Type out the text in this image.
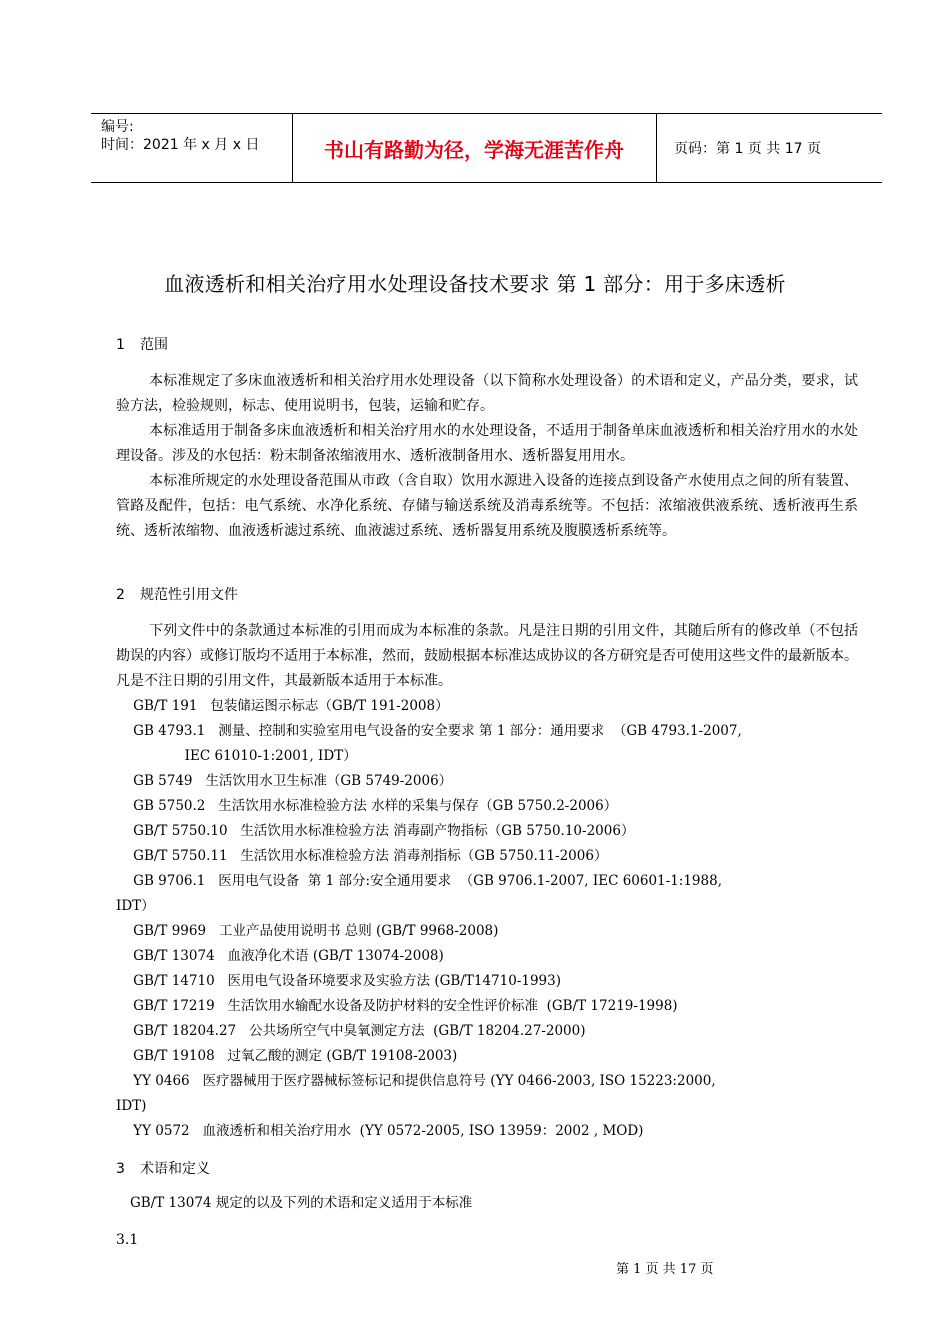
编号:
时间：2021 年 x 月 x 日	书山有路勤为径，学海无涯苦作舟	页码：第 1 页 共 17 页
血液透析和相关治疗用水处理设备技术要求 第 1 部分：用于多床透析
1 范围

本标准规定了多床血液透析和相关治疗用水处理设备（以下简称水处理设备）的术语和定义，产品分类，要求，试验方法，检验规则，标志、使用说明书，包装，运输和贮存。

本标准适用于制备多床血液透析和相关治疗用水的水处理设备，不适用于制备单床血液透析和相关治疗用水的水处理设备。涉及的水包括：粉末制备浓缩液用水、透析液制备用水、透析器复用用水。

本标准所规定的水处理设备范围从市政（含自取）饮用水源进入设备的连接点到设备产水使用点之间的所有装置、管路及配件，包括：电气系统、水净化系统、存储与输送系统及消毒系统等。不包括：浓缩液供液系统、透析液再生系统、透析浓缩物、血液透析滤过系统、血液滤过系统、透析器复用系统及腹膜透析系统等。

2 规范性引用文件

下列文件中的条款通过本标准的引用而成为本标准的条款。凡是注日期的引用文件，其随后所有的修改单（不包括勘误的内容）或修订版均不适用于本标准，然而，鼓励根据本标准达成协议的各方研究是否可使用这些文件的最新版本。凡是不注日期的引用文件，其最新版本适用于本标准。

GB/T 191   包装储运图示标志（GB/T 191-2008）

GB 4793.1   测量、控制和实验室用电气设备的安全要求 第 1 部分：通用要求  （GB 4793.1-2007,

IEC 61010-1:2001, IDT）

GB 5749   生活饮用水卫生标准（GB 5749-2006）

GB 5750.2   生活饮用水标准检验方法 水样的采集与保存（GB 5750.2-2006）

GB/T 5750.10   生活饮用水标准检验方法 消毒副产物指标（GB 5750.10-2006）

GB/T 5750.11   生活饮用水标准检验方法 消毒剂指标（GB 5750.11-2006）

GB 9706.1   医用电气设备  第 1 部分:安全通用要求  （GB 9706.1-2007, IEC 60601-1:1988,

IDT）

GB/T 9969   工业产品使用说明书 总则 (GB/T 9968-2008)

GB/T 13074   血液净化术语 (GB/T 13074-2008)

GB/T 14710   医用电气设备环境要求及实验方法 (GB/T14710-1993)

GB/T 17219   生活饮用水输配水设备及防护材料的安全性评价标准  (GB/T 17219-1998)

GB/T 18204.27   公共场所空气中臭氧测定方法  (GB/T 18204.27-2000)

GB/T 19108   过氧乙酸的测定 (GB/T 19108-2003)

YY 0466   医疗器械用于医疗器械标签标记和提供信息符号 (YY 0466-2003, ISO 15223:2000,

IDT)

YY 0572   血液透析和相关治疗用水  (YY 0572-2005, ISO 13959：2002 , MOD)

3 术语和定义

GB/T 13074 规定的以及下列的术语和定义适用于本标准

3.1
第 1 页 共 17 页
